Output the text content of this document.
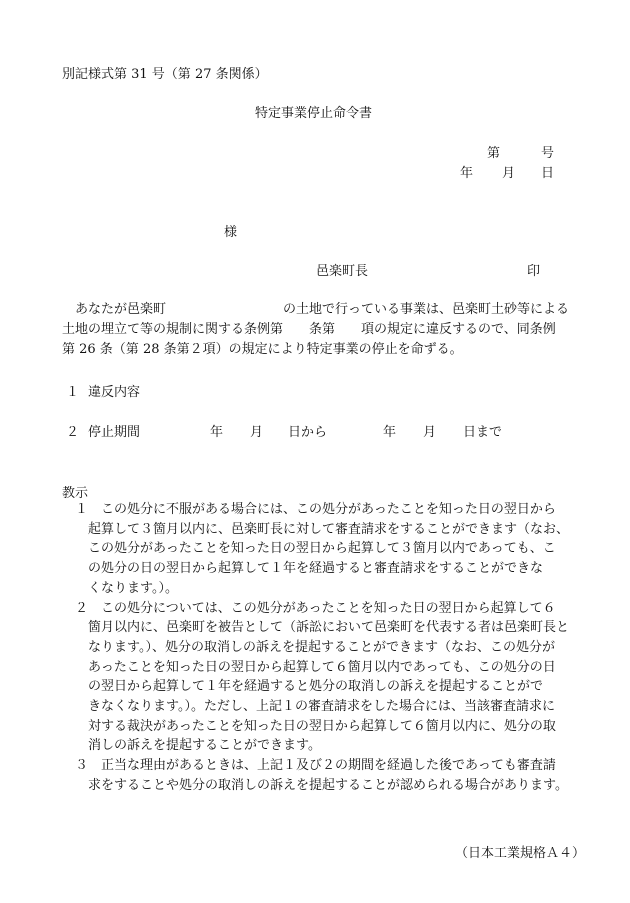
別記様式第 31 号（第 27 条関係）
特定事業停止命令書
第	号
年 月 日
様
邑楽町長	印
　あなたが邑楽町　　　　　　　　　の土地で行っている事業は、邑楽町土砂等による
土地の埋立て等の規制に関する条例第　　条第　　項の規定に違反するので、同条例
第 26 条（第 28 条第２項）の規定により特定事業の停止を命ずる。
１ 違反内容
２ 停止期間	年 月 日から	年 月 日まで
教示
１　この処分に不服がある場合には、この処分があったことを知った日の翌日から
　起算して３箇月以内に、邑楽町長に対して審査請求をすることができます（なお、
　この処分があったことを知った日の翌日から起算して３箇月以内であっても、こ
　の処分の日の翌日から起算して１年を経過すると審査請求をすることができな
　くなります。）。
２　この処分については、この処分があったことを知った日の翌日から起算して６
　箇月以内に、邑楽町を被告として（訴訟において邑楽町を代表する者は邑楽町長と
　なります。）、処分の取消しの訴えを提起することができます（なお、この処分が
　あったことを知った日の翌日から起算して６箇月以内であっても、この処分の日
　の翌日から起算して１年を経過すると処分の取消しの訴えを提起することがで
　きなくなります。）。ただし、上記１の審査請求をした場合には、当該審査請求に
　対する裁決があったことを知った日の翌日から起算して６箇月以内に、処分の取
　消しの訴えを提起することができます。
３　正当な理由があるときは、上記１及び２の期間を経過した後であっても審査請
　求をすることや処分の取消しの訴えを提起することが認められる場合があります。
（日本工業規格Ａ４）
